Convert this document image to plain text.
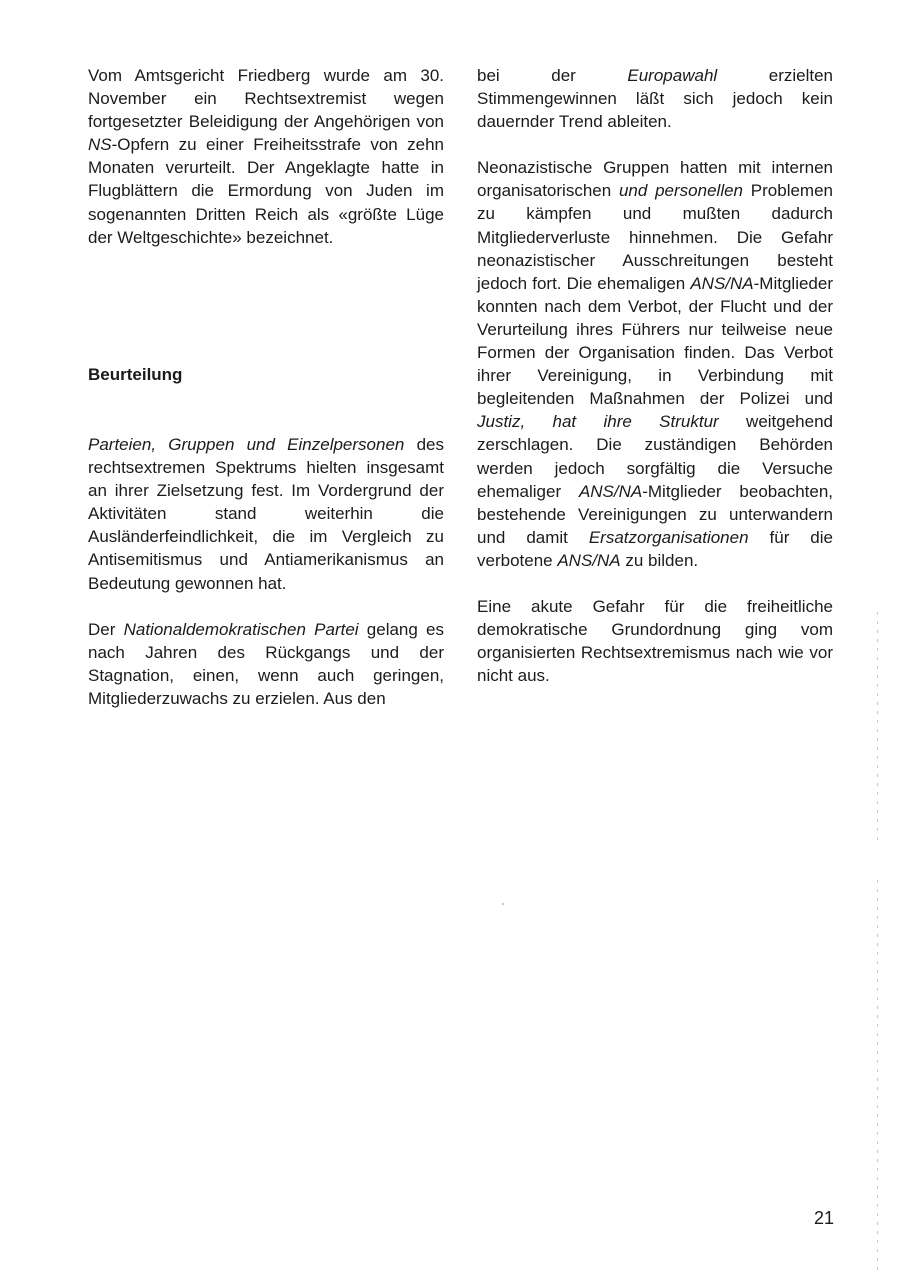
Vom Amtsgericht Friedberg wurde am 30. November ein Rechtsextremist wegen fortgesetzter Beleidigung der Angehörigen von NS-Opfern zu einer Freiheitsstrafe von zehn Monaten verurteilt. Der Angeklagte hatte in Flugblättern die Ermordung von Juden im sogenannten Dritten Reich als «größte Lüge der Weltgeschichte» bezeichnet.

Beurteilung

Parteien, Gruppen und Einzelpersonen des rechtsextremen Spektrums hielten insgesamt an ihrer Zielsetzung fest. Im Vordergrund der Aktivitäten stand weiterhin die Ausländerfeindlichkeit, die im Vergleich zu Antisemitismus und Antiamerikanismus an Bedeutung gewonnen hat.

Der Nationaldemokratischen Partei gelang es nach Jahren des Rückgangs und der Stagnation, einen, wenn auch geringen, Mitgliederzuwachs zu erzielen. Aus den

bei der Europawahl erzielten Stimmengewinnen läßt sich jedoch kein dauernder Trend ableiten.

Neonazistische Gruppen hatten mit internen organisatorischen und personellen Problemen zu kämpfen und mußten dadurch Mitgliederverluste hinnehmen. Die Gefahr neonazistischer Ausschreitungen besteht jedoch fort. Die ehemaligen ANS/NA-Mitglieder konnten nach dem Verbot, der Flucht und der Verurteilung ihres Führers nur teilweise neue Formen der Organisation finden. Das Verbot ihrer Vereinigung, in Verbindung mit begleitenden Maßnahmen der Polizei und Justiz, hat ihre Struktur weitgehend zerschlagen. Die zuständigen Behörden werden jedoch sorgfältig die Versuche ehemaliger ANS/NA-Mitglieder beobachten, bestehende Vereinigungen zu unterwandern und damit Ersatzorganisationen für die verbotene ANS/NA zu bilden.

Eine akute Gefahr für die freiheitliche demokratische Grundordnung ging vom organisierten Rechtsextremismus nach wie vor nicht aus.

21
